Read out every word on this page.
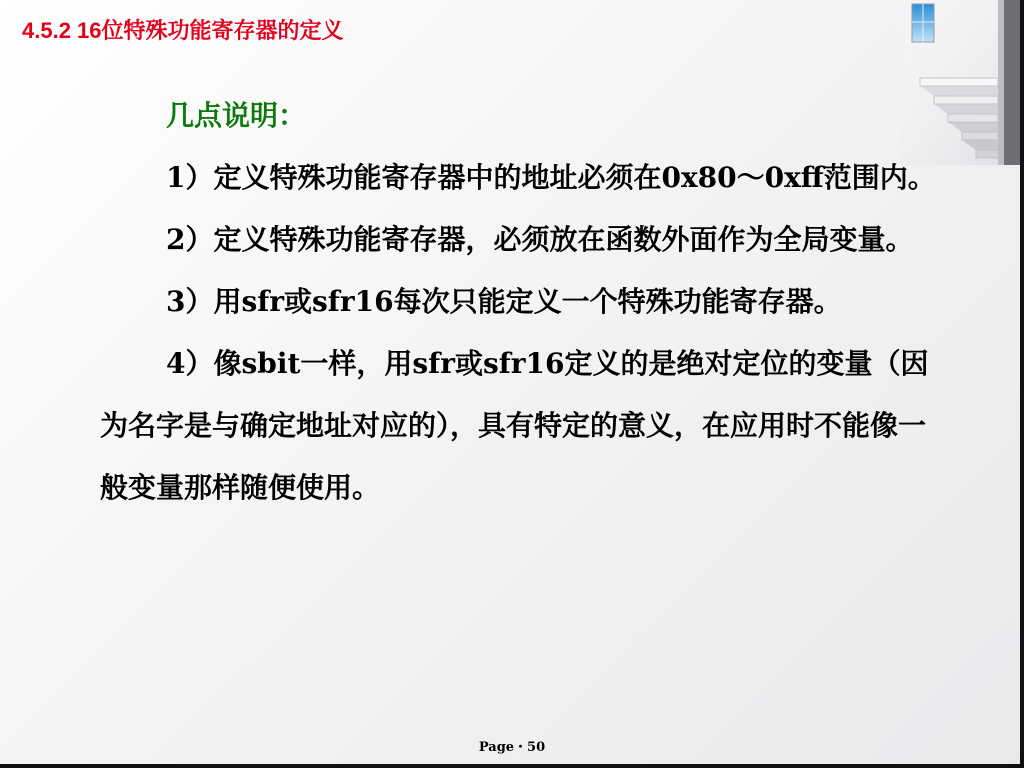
4.5.2 16位特殊功能寄存器的定义

几点说明：

1）定义特殊功能寄存器中的地址必须在0x80～0xff范围内。

2）定义特殊功能寄存器，必须放在函数外面作为全局变量。

3）用sfr或sfr16每次只能定义一个特殊功能寄存器。

4）像sbit一样，用sfr或sfr16定义的是绝对定位的变量（因为名字是与确定地址对应的），具有特定的意义，在应用时不能像一般变量那样随便使用。

Page・50
